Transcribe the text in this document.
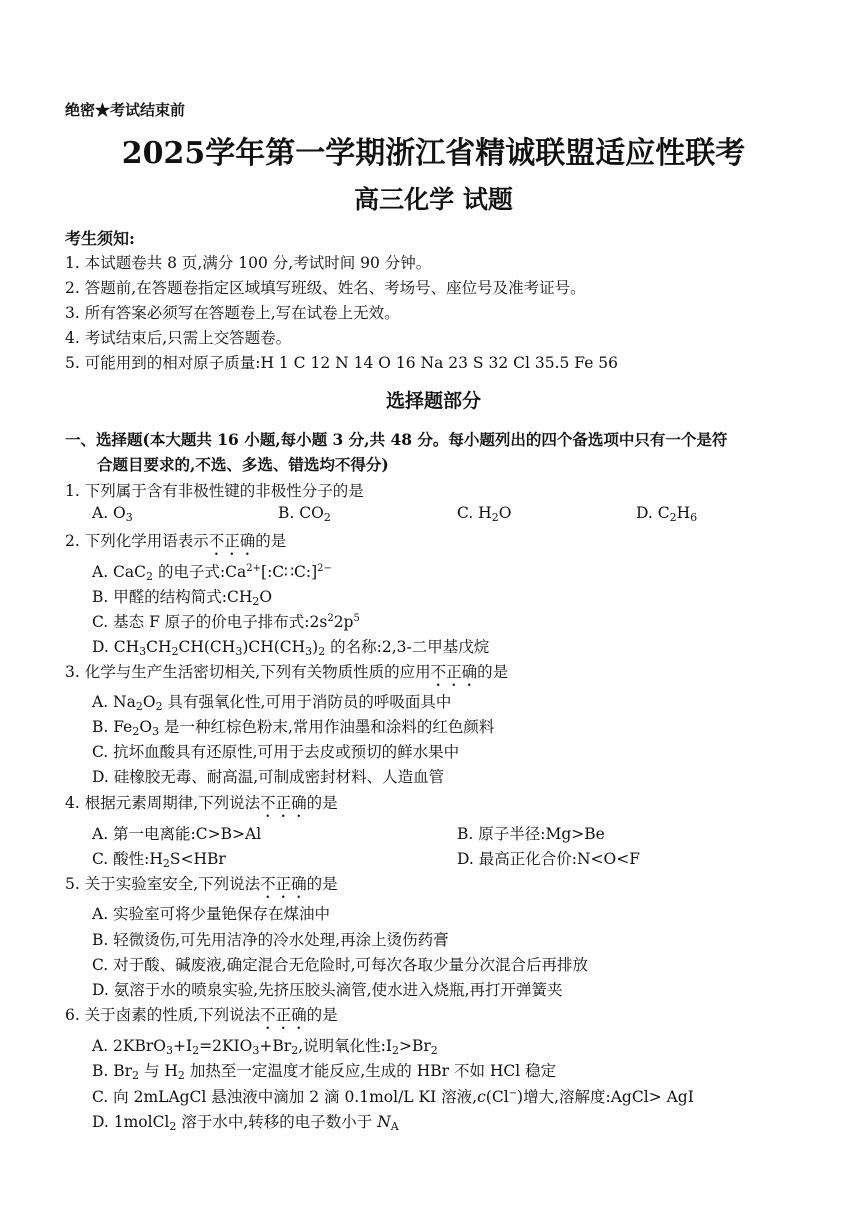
绝密★考试结束前
2025学年第一学期浙江省精诚联盟适应性联考
高三化学 试题
考生须知:
1. 本试题卷共 8 页,满分 100 分,考试时间 90 分钟。
2. 答题前,在答题卷指定区域填写班级、姓名、考场号、座位号及准考证号。
3. 所有答案必须写在答题卷上,写在试卷上无效。
4. 考试结束后,只需上交答题卷。
5. 可能用到的相对原子质量:H 1 C 12 N 14 O 16 Na 23 S 32 Cl 35.5 Fe 56
选择题部分
一、选择题(本大题共 16 小题,每小题 3 分,共 48 分。每小题列出的四个备选项中只有一个是符
合题目要求的,不选、多选、错选均不得分)
1. 下列属于含有非极性键的非极性分子的是
A. $O_3$	B. $CO_2$	C. $H_2O$	D. $C_2H_6$
2. 下列化学用语表示不正确的是
A. CaC$_2$ 的电子式$:Ca^{2+}[:C∷C:]^{2-}$
B. 甲醛的结构简式$:CH_2O$
C. 基态 F 原子的价电子排布式$:2s^22p^5$
D. $CH_3CH_2CH(CH_3)CH(CH_3)_2$ 的名称:2,3-二甲基戊烷
3. 化学与生产生活密切相关,下列有关物质性质的应用不正确的是
A. $Na_2O_2$ 具有强氧化性,可用于消防员的呼吸面具中
B. $Fe_2O_3$ 是一种红棕色粉末,常用作油墨和涂料的红色颜料
C. 抗坏血酸具有还原性,可用于去皮或预切的鲜水果中
D. 硅橡胶无毒、耐高温,可制成密封材料、人造血管
4. 根据元素周期律,下列说法不正确的是
A. 第一电离能:C>B>Al	B. 原子半径:Mg>Be
C. 酸性$:H_2S<HBr$	D. 最高正化合价:N<O<F
5. 关于实验室安全,下列说法不正确的是
A. 实验室可将少量铯保存在煤油中
B. 轻微烫伤,可先用洁净的冷水处理,再涂上烫伤药膏
C. 对于酸、碱废液,确定混合无危险时,可每次各取少量分次混合后再排放
D. 氨溶于水的喷泉实验,先挤压胶头滴管,使水进入烧瓶,再打开弹簧夹
6. 关于卤素的性质,下列说法不正确的是
A. $2KBrO_3+I_2=2KIO_3+Br_2$,说明氧化性$:I_2>Br_2$
B. $Br_2$ 与 $H_2$ 加热至一定温度才能反应,生成的 HBr 不如 HCl 稳定
C. 向 2mLAgCl 悬浊液中滴加 2 滴 0.1mol/L KI 溶液,c(Cl−)增大,溶解度:AgCl> AgI
D. 1molCl$_2$ 溶于水中,转移的电子数小于 $N_A$
